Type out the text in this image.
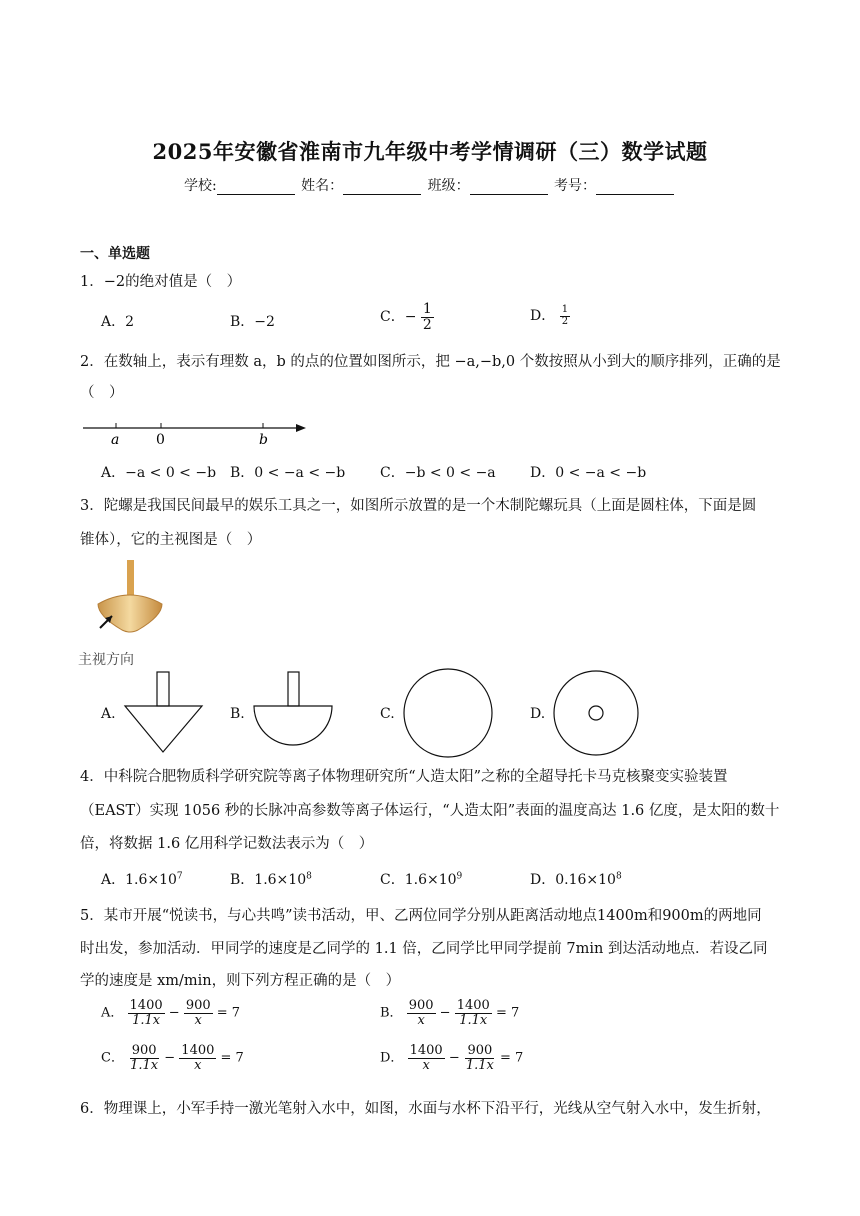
2025年安徽省淮南市九年级中考学情调研（三）数学试题
学校:	姓名：	班级：	考号：
一、单选题
1．−2的绝对值是（　）
A．2	B．−2	C．− $\frac{1}{2}$	D． $\frac{1}{2}$
2．在数轴上，表示有理数 a，b 的点的位置如图所示，把 −a,−b,0 个数按照从小到大的顺序排列，正确的是
（　）
a	0	b
A．−a < 0 < −b B．0 < −a < −b C．−b < 0 < −a D．0 < −a < −b
3．陀螺是我国民间最早的娱乐工具之一，如图所示放置的是一个木制陀螺玩具（上面是圆柱体，下面是圆
锥体），它的主视图是（　）
主视方向
A.	B.	C.	D.
4．中科院合肥物质科学研究院等离子体物理研究所“人造太阳”之称的全超导托卡马克核聚变实验装置
（EAST）实现 1056 秒的长脉冲高参数等离子体运行，“人造太阳”表面的温度高达 1.6 亿度，是太阳的数十
倍，将数据 1.6 亿用科学记数法表示为（　）
A．$1.6\times 10^7$	B．$1.6\times 10^8$	C．$1.6\times 10^9$	D．$0.16\times 10^8$
5．某市开展“悦读书，与心共鸣”读书活动，甲、乙两位同学分别从距离活动地点1400m和900m的两地同
时出发，参加活动．甲同学的速度是乙同学的 1.1 倍，乙同学比甲同学提前 7min 到达活动地点．若设乙同
学的速度是 xm/min，则下列方程正确的是（　）
A． $\frac{1400}{1.1x} - \frac{900}{x} = 7$	B． $\frac{900}{x} - \frac{1400}{1.1x} = 7$
C． $\frac{900}{1.1x} - \frac{1400}{x} = 7$	D． $\frac{1400}{x} - \frac{900}{1.1x} = 7$
6．物理课上，小军手持一激光笔射入水中，如图，水面与水杯下沿平行，光线从空气射入水中，发生折射，
